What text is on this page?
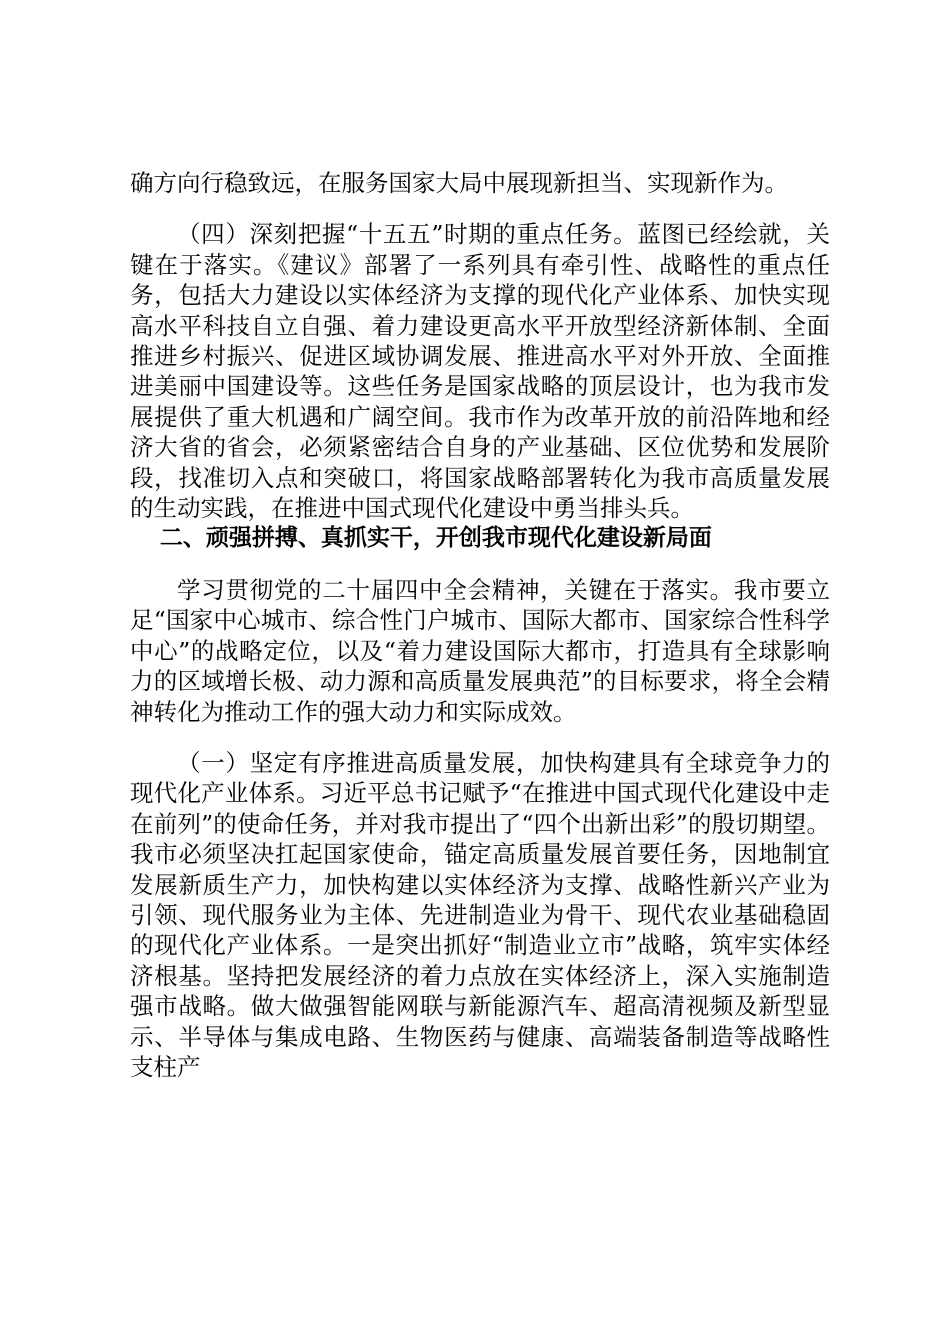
确方向行稳致远，在服务国家大局中展现新担当、实现新作为。

（四）深刻把握“十五五”时期的重点任务。蓝图已经绘就，关键在于落实。《建议》部署了一系列具有牵引性、战略性的重点任务，包括大力建设以实体经济为支撑的现代化产业体系、加快实现高水平科技自立自强、着力建设更高水平开放型经济新体制、全面推进乡村振兴、促进区域协调发展、推进高水平对外开放、全面推进美丽中国建设等。这些任务是国家战略的顶层设计，也为我市发展提供了重大机遇和广阔空间。我市作为改革开放的前沿阵地和经济大省的省会，必须紧密结合自身的产业基础、区位优势和发展阶段，找准切入点和突破口，将国家战略部署转化为我市高质量发展的生动实践，在推进中国式现代化建设中勇当排头兵。

二、顽强拼搏、真抓实干，开创我市现代化建设新局面

学习贯彻党的二十届四中全会精神，关键在于落实。我市要立足“国家中心城市、综合性门户城市、国际大都市、国家综合性科学中心”的战略定位，以及“着力建设国际大都市，打造具有全球影响力的区域增长极、动力源和高质量发展典范”的目标要求，将全会精神转化为推动工作的强大动力和实际成效。

（一）坚定有序推进高质量发展，加快构建具有全球竞争力的现代化产业体系。习近平总书记赋予“在推进中国式现代化建设中走在前列”的使命任务，并对我市提出了“四个出新出彩”的殷切期望。我市必须坚决扛起国家使命，锚定高质量发展首要任务，因地制宜发展新质生产力，加快构建以实体经济为支撑、战略性新兴产业为引领、现代服务业为主体、先进制造业为骨干、现代农业基础稳固的现代化产业体系。一是突出抓好“制造业立市”战略，筑牢实体经济根基。坚持把发展经济的着力点放在实体经济上，深入实施制造强市战略。做大做强智能网联与新能源汽车、超高清视频及新型显示、半导体与集成电路、生物医药与健康、高端装备制造等战略性支柱产
